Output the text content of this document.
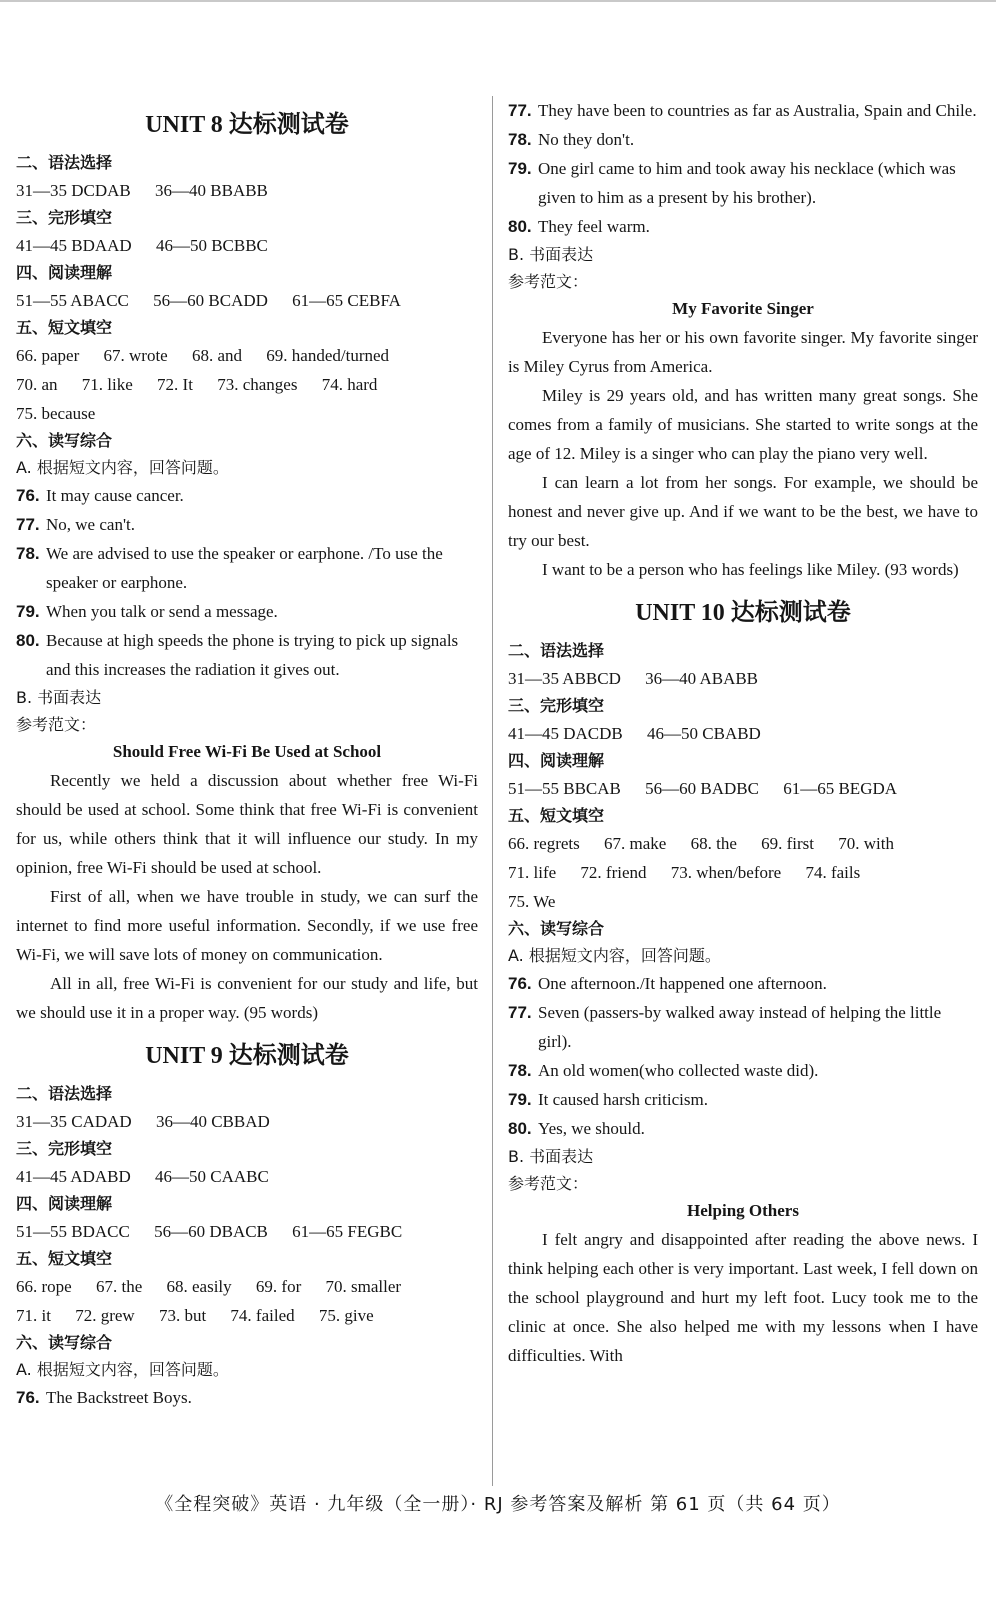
UNIT 8 达标测试卷
二、语法选择
31—35 DCDAB 36—40 BBABB
三、完形填空
41—45 BDAAD 46—50 BCBBC
四、阅读理解
51—55 ABACC 56—60 BCADD 61—65 CEBFA
五、短文填空
66. paper 67. wrote 68. and 69. handed/turned
70. an 71. like 72. It 73. changes 74. hard
75. because
六、读写综合
A. 根据短文内容，回答问题。
76. It may cause cancer.
77. No, we can't.
78. We are advised to use the speaker or earphone. /To use the speaker or earphone.
79. When you talk or send a message.
80. Because at high speeds the phone is trying to pick up signals and this increases the radiation it gives out.
B. 书面表达
参考范文：
Should Free Wi-Fi Be Used at School

Recently we held a discussion about whether free Wi-Fi should be used at school. Some think that free Wi-Fi is convenient for us, while others think that it will influence our study. In my opinion, free Wi-Fi should be used at school.

First of all, when we have trouble in study, we can surf the internet to find more useful information. Secondly, if we use free Wi-Fi, we will save lots of money on communication.

All in all, free Wi-Fi is convenient for our study and life, but we should use it in a proper way. (95 words)

UNIT 9 达标测试卷
二、语法选择
31—35 CADAD 36—40 CBBAD
三、完形填空
41—45 ADABD 46—50 CAABC
四、阅读理解
51—55 BDACC 56—60 DBACB 61—65 FEGBC
五、短文填空
66. rope 67. the 68. easily 69. for 70. smaller
71. it 72. grew 73. but 74. failed 75. give
六、读写综合
A. 根据短文内容，回答问题。
76. The Backstreet Boys.
77. They have been to countries as far as Australia, Spain and Chile.
78. No they don't.
79. One girl came to him and took away his necklace (which was given to him as a present by his brother).
80. They feel warm.
B. 书面表达
参考范文：
My Favorite Singer

Everyone has her or his own favorite singer. My favorite singer is Miley Cyrus from America.

Miley is 29 years old, and has written many great songs. She comes from a family of musicians. She started to write songs at the age of 12. Miley is a singer who can play the piano very well.

I can learn a lot from her songs. For example, we should be honest and never give up. And if we want to be the best, we have to try our best.

I want to be a person who has feelings like Miley. (93 words)

UNIT 10 达标测试卷
二、语法选择
31—35 ABBCD 36—40 ABABB
三、完形填空
41—45 DACDB 46—50 CBABD
四、阅读理解
51—55 BBCAB 56—60 BADBC 61—65 BEGDA
五、短文填空
66. regrets 67. make 68. the 69. first 70. with
71. life 72. friend 73. when/before 74. fails
75. We
六、读写综合
A. 根据短文内容，回答问题。
76. One afternoon./It happened one afternoon.
77. Seven (passers-by walked away instead of helping the little girl).
78. An old women(who collected waste did).
79. It caused harsh criticism.
80. Yes, we should.
B. 书面表达
参考范文：
Helping Others

I felt angry and disappointed after reading the above news. I think helping each other is very important. Last week, I fell down on the school playground and hurt my left foot. Lucy took me to the clinic at once. She also helped me with my lessons when I have difficulties. With

《全程突破》英语 · 九年级（全一册）· RJ 参考答案及解析 第 61 页（共 64 页）
